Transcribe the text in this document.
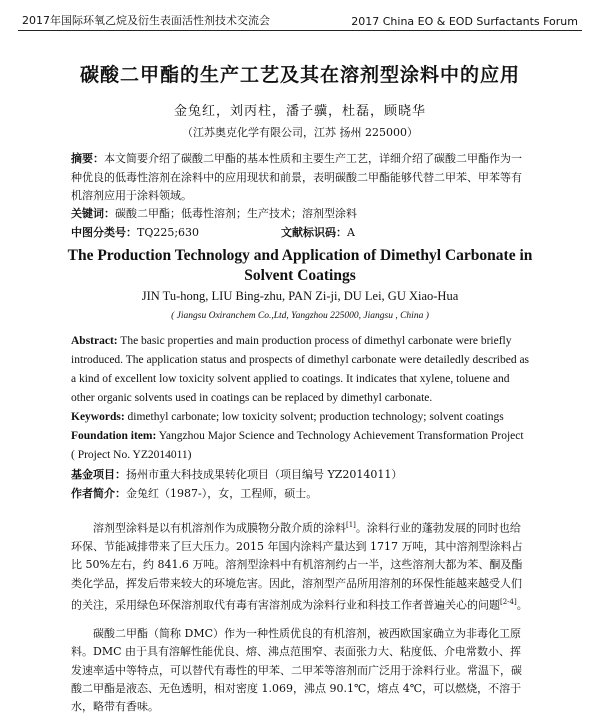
2017年国际环氧乙烷及衍生表面活性剂技术交流会	2017 China EO & EOD Surfactants Forum
碳酸二甲酯的生产工艺及其在溶剂型涂料中的应用
金兔红，刘丙柱，潘子骥，杜磊，顾晓华
（江苏奥克化学有限公司，江苏 扬州 225000）
摘要：本文简要介绍了碳酸二甲酯的基本性质和主要生产工艺，详细介绍了碳酸二甲酯作为一种优良的低毒性溶剂在涂料中的应用现状和前景，表明碳酸二甲酯能够代替二甲苯、甲苯等有机溶剂应用于涂料领域。
关键词：碳酸二甲酯；低毒性溶剂；生产技术；溶剂型涂料
中图分类号：TQ225;630	文献标识码：A
The Production Technology and Application of Dimethyl Carbonate in Solvent Coatings
JIN Tu-hong, LIU Bing-zhu, PAN Zi-ji, DU Lei, GU Xiao-Hua
( Jiangsu Oxiranchem Co.,Ltd, Yangzhou 225000, Jiangsu , China )
Abstract: The basic properties and main production process of dimethyl carbonate were briefly introduced. The application status and prospects of dimethyl carbonate were detailedly described as a kind of excellent low toxicity solvent applied to coatings. It indicates that xylene, toluene and other organic solvents used in coatings can be replaced by dimethyl carbonate.
Keywords: dimethyl carbonate; low toxicity solvent; production technology; solvent coatings
Foundation item: Yangzhou Major Science and Technology Achievement Transformation Project ( Project No. YZ2014011)
基金项目：扬州市重大科技成果转化项目（项目编号 YZ2014011）
作者简介：金兔红（1987-），女，工程师，硕士。
溶剂型涂料是以有机溶剂作为成膜物分散介质的涂料[1]。涂料行业的蓬勃发展的同时也给环保、节能减排带来了巨大压力。2015 年国内涂料产量达到 1717 万吨，其中溶剂型涂料占比 50%左右，约 841.6 万吨。溶剂型涂料中有机溶剂约占一半，这些溶剂大都为苯、酮及酯类化学品，挥发后带来较大的环境危害。因此，溶剂型产品所用溶剂的环保性能越来越受人们的关注，采用绿色环保溶剂取代有毒有害溶剂成为涂料行业和科技工作者普遍关心的问题[2-4]。
碳酸二甲酯（简称 DMC）作为一种性质优良的有机溶剂，被西欧国家确立为非毒化工原料。DMC 由于具有溶解性能优良、熔、沸点范围窄、表面张力大、粘度低、介电常数小、挥发速率适中等特点，可以替代有毒性的甲苯、二甲苯等溶剂而广泛用于涂料行业。常温下，碳酸二甲酯是液态、无色透明，相对密度 1.069，沸点 90.1℃，熔点 4℃，可以燃烧，不溶于水，略带有香味。
